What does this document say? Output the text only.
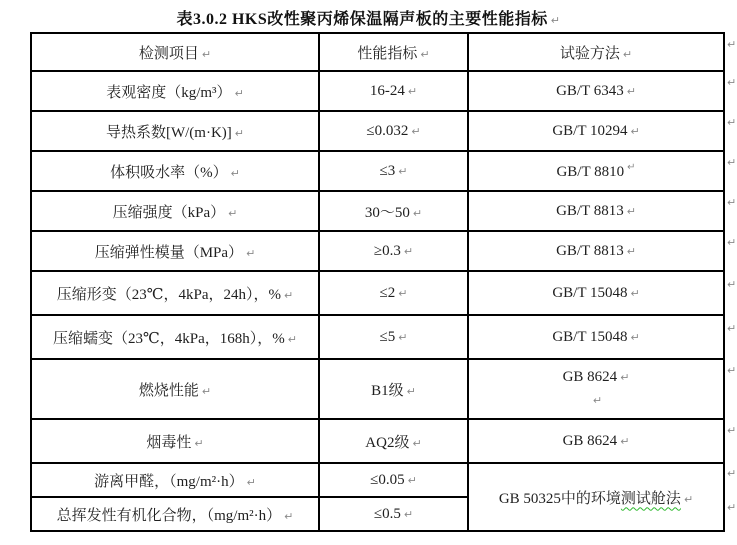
表3.0.2 HKS改性聚丙烯保温隔声板的主要性能指标 ↵
检测项目 ↵	性能指标 ↵	试验方法 ↵
表观密度（kg/m³） ↵	16-24 ↵	GB/T 6343 ↵
导热系数[W/(m·K)] ↵	≤0.032 ↵	GB/T 10294 ↵
体积吸水率（%） ↵	≤3 ↵	GB/T 8810 ↵
压缩强度（kPa） ↵	30～50 ↵	GB/T 8813 ↵
压缩弹性模量（MPa） ↵	≥0.3 ↵	GB/T 8813 ↵
压缩形变（23℃，4kPa，24h），% ↵	≤2 ↵	GB/T 15048 ↵
压缩蠕变（23℃，4kPa，168h），% ↵	≤5 ↵	GB/T 15048 ↵
燃烧性能 ↵	B1级 ↵	GB 8624 ↵
↵

烟毒性 ↵	AQ2级 ↵	GB 8624 ↵
游离甲醛，（mg/m²·h） ↵	≤0.05 ↵	GB 50325中的环境测试舱法 ↵
总挥发性有机化合物，（mg/m²·h） ↵	≤0.5 ↵	
↵
↵
↵
↵
↵
↵
↵
↵
↵
↵
↵
↵
